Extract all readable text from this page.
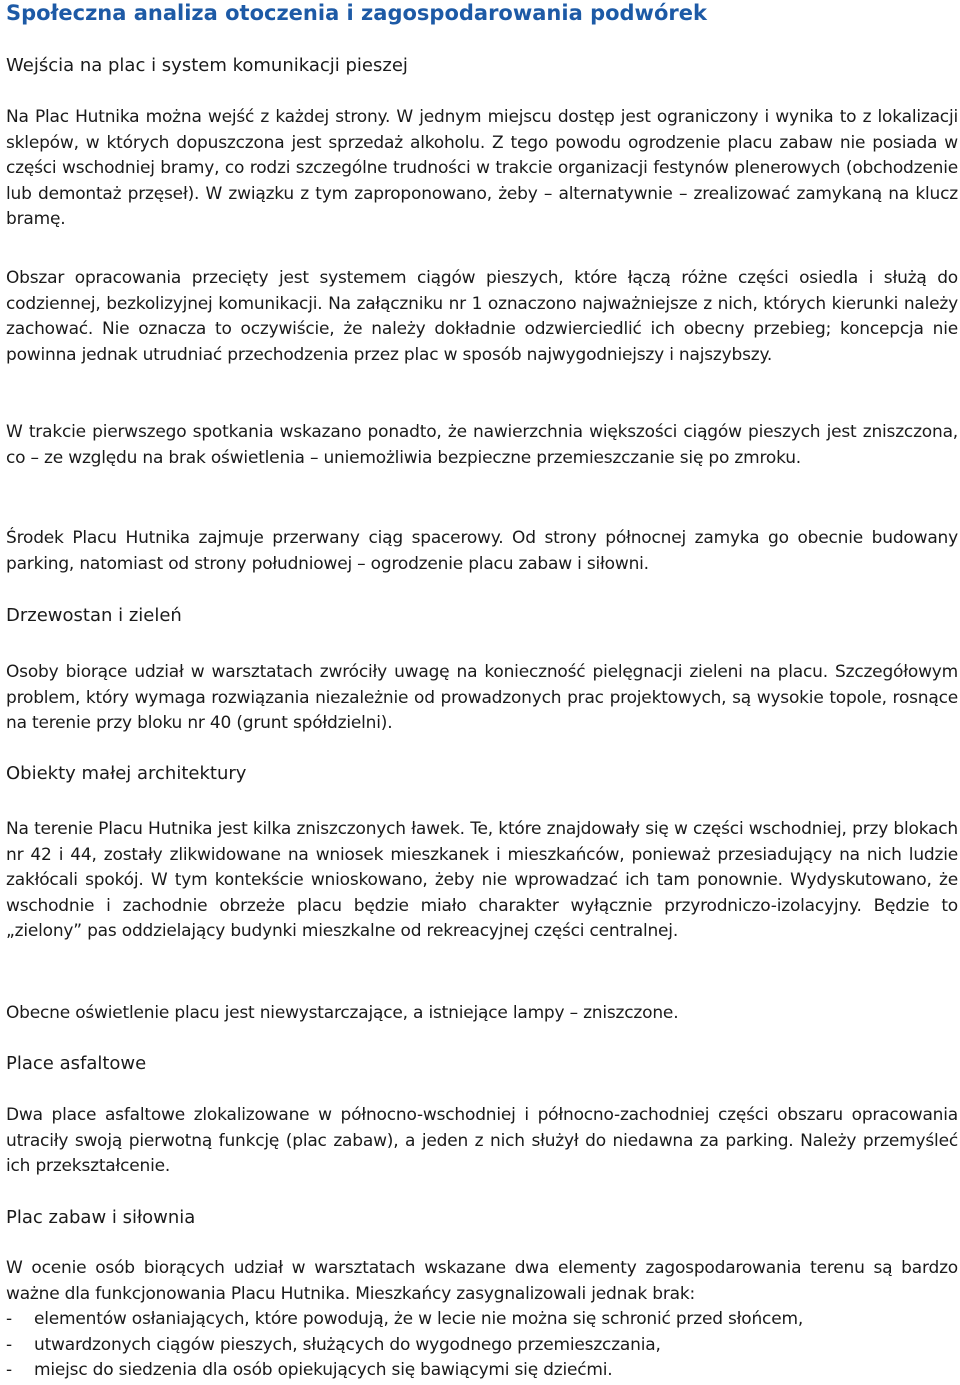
Społeczna analiza otoczenia i zagospodarowania podwórek
Wejścia na plac i system komunikacji pieszej

Na Plac Hutnika można wejść z każdej strony. W jednym miejscu dostęp jest ograniczony i wynika to z lokalizacji sklepów, w których dopuszczona jest sprzedaż alkoholu. Z tego powodu ogrodzenie placu zabaw nie posiada w części wschodniej bramy, co rodzi szczególne trudności w trakcie organizacji festynów plenerowych (obchodzenie lub demontaż przęseł). W związku z tym zaproponowano, żeby – alternatywnie – zrealizować zamykaną na klucz bramę.

Obszar opracowania przecięty jest systemem ciągów pieszych, które łączą różne części osiedla i służą do codziennej, bezkolizyjnej komunikacji. Na załączniku nr 1 oznaczono najważniejsze z nich, których kierunki należy zachować. Nie oznacza to oczywiście, że należy dokładnie odzwierciedlić ich obecny przebieg; koncepcja nie powinna jednak utrudniać przechodzenia przez plac w sposób najwygodniejszy i najszybszy.

W trakcie pierwszego spotkania wskazano ponadto, że nawierzchnia większości ciągów pieszych jest zniszczona, co – ze względu na brak oświetlenia – uniemożliwia bezpieczne przemieszczanie się po zmroku.

Środek Placu Hutnika zajmuje przerwany ciąg spacerowy. Od strony północnej zamyka go obecnie budowany parking, natomiast od strony południowej – ogrodzenie placu zabaw i siłowni.

Drzewostan i zieleń

Osoby biorące udział w warsztatach zwróciły uwagę na konieczność pielęgnacji zieleni na placu. Szczegółowym problem, który wymaga rozwiązania niezależnie od prowadzonych prac projektowych, są wysokie topole, rosnące na terenie przy bloku nr 40 (grunt spółdzielni).

Obiekty małej architektury

Na terenie Placu Hutnika jest kilka zniszczonych ławek. Te, które znajdowały się w części wschodniej, przy blokach nr 42 i 44, zostały zlikwidowane na wniosek mieszkanek i mieszkańców, ponieważ przesiadujący na nich ludzie zakłócali spokój. W tym kontekście wnioskowano, żeby nie wprowadzać ich tam ponownie. Wydyskutowano, że wschodnie i zachodnie obrzeże placu będzie miało charakter wyłącznie przyrodniczo-izolacyjny. Będzie to „zielony” pas oddzielający budynki mieszkalne od rekreacyjnej części centralnej.

Obecne oświetlenie placu jest niewystarczające, a istniejące lampy – zniszczone.

Place asfaltowe

Dwa place asfaltowe zlokalizowane w północno-wschodniej i północno-zachodniej części obszaru opracowania utraciły swoją pierwotną funkcję (plac zabaw), a jeden z nich służył do niedawna za parking. Należy przemyśleć ich przekształcenie.

Plac zabaw i siłownia

W ocenie osób biorących udział w warsztatach wskazane dwa elementy zagospodarowania terenu są bardzo ważne dla funkcjonowania Placu Hutnika. Mieszkańcy zasygnalizowali jednak brak:

- elementów osłaniających, które powodują, że w lecie nie można się schronić przed słońcem,
- utwardzonych ciągów pieszych, służących do wygodnego przemieszczania,
- miejsc do siedzenia dla osób opiekujących się bawiącymi się dziećmi.
